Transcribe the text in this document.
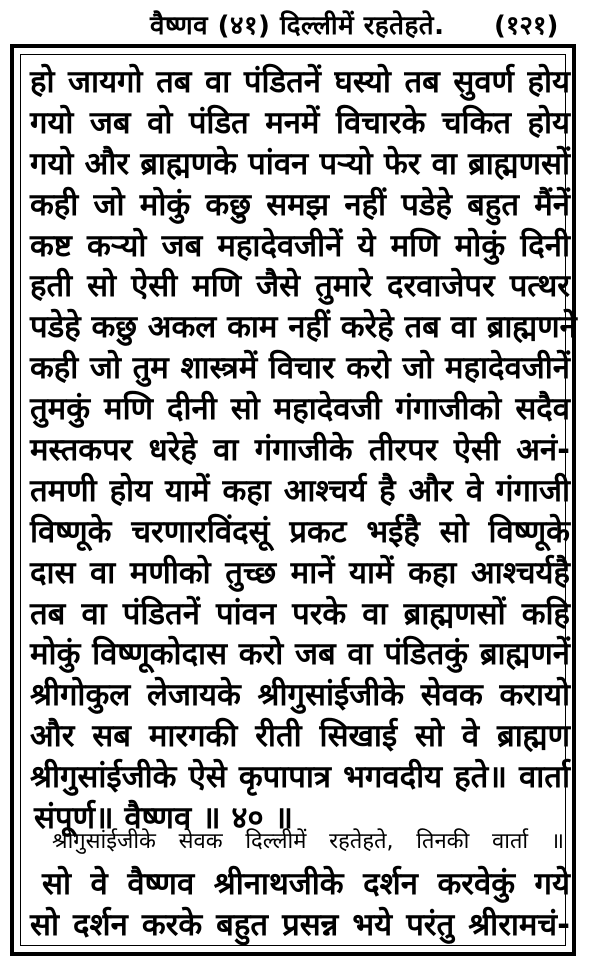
वैष्णव (४१) दिल्लीमें रहतेहते. (१२१)
हो जायगो तब वा पंडितनें घस्यो तब सुवर्ण होय
गयो जब वो पंडित मनमें विचारके चकित होय
गयो और ब्राह्मणके पांवन पर्‍यो फेर वा ब्राह्मणसों
कही जो मोकुं कछु समझ नहीं पडेहे बहुत मैंनें
कष्ट कर्‍यो जब महादेवजीनें ये मणि मोकुं दिनी
हती सो ऐसी मणि जैसे तुमारे दरवाजेपर पत्थर
पडेहे कछु अकल काम नहीं करेहे तब वा ब्राह्मणने
कही जो तुम शास्त्रमें विचार करो जो महादेवजीनें
तुमकुं मणि दीनी सो महादेवजी गंगाजीको सदैव
मस्तकपर धरेहे वा गंगाजीके तीरपर ऐसी अनं-
तमणी होय यामें कहा आश्चर्य है और वे गंगाजी
विष्णूके चरणारविंदसूं प्रकट भईहै सो विष्णूके
दास वा मणीको तुच्छ मानें यामें कहा आश्चर्यहै
तब वा पंडितनें पांवन परके वा ब्राह्मणसों कहि
मोकुं विष्णूकोदास करो जब वा पंडितकुं ब्राह्मणनें
श्रीगोकुल लेजायके श्रीगुसांईजीके सेवक करायो
और सब मारगकी रीती सिखाई सो वे ब्राह्मण
श्रीगुसांईजीके ऐसे कृपापात्र भगवदीय हते॥ वार्ता
संपूर्ण॥ वैष्णव ॥ ४० ॥
श्रीगुसांईजीके सेवक दिल्लीमें रहतेहते, तिनकी वार्ता ॥
सो वे वैष्णव श्रीनाथजीके दर्शन करवेकुं गये
सो दर्शन करके बहुत प्रसन्न भये परंतु श्रीरामचं-
